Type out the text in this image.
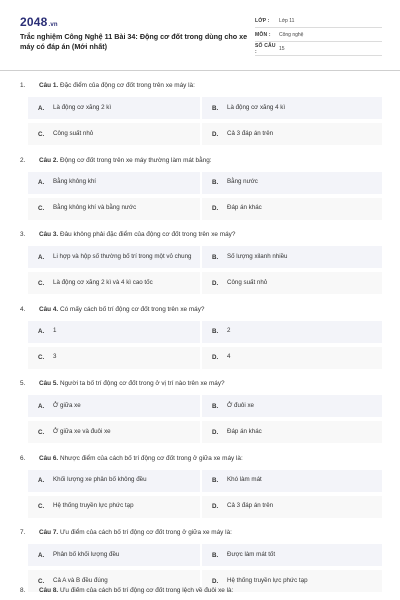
2048.vn
Trắc nghiệm Công Nghệ 11 Bài 34: Động cơ đốt trong dùng cho xe máy có đáp án (Mới nhất)
LỚP :	Lớp 11
MÔN :	Công nghệ
SỐ CÂU :	15
1.	Câu 1. Đặc điểm của động cơ đốt trong trên xe máy là:
A.	Là động cơ xăng 2 kì	B.	Là động cơ xăng 4 kì
C.	Công suất nhỏ	D.	Cả 3 đáp án trên
2.	Câu 2. Động cơ đốt trong trên xe máy thường làm mát bằng:
A.	Bằng không khí	B.	Bằng nước
C.	Bằng không khí và bằng nước	D.	Đáp án khác
3.	Câu 3. Đâu không phải đặc điểm của động cơ đốt trong trên xe máy?
A.	Li hợp và hộp số thường bố trí trong một vỏ chung	B.	Số lượng xilanh nhiều
C.	Là động cơ xăng 2 kì và 4 kì cao tốc	D.	Công suất nhỏ
4.	Câu 4. Có mấy cách bố trí động cơ đốt trong trên xe máy?
A.	1	B.	2
C.	3	D.	4
5.	Câu 5. Người ta bố trí động cơ đốt trong ở vị trí nào trên xe máy?
A.	Ở giữa xe	B.	Ở đuôi xe
C.	Ở giữa xe và đuôi xe	D.	Đáp án khác
6.	Câu 6. Nhược điểm của cách bố trí động cơ đốt trong ở giữa xe máy là:
A.	Khối lượng xe phân bố không đều	B.	Khó làm mát
C.	Hệ thống truyền lực phức tạp	D.	Cả 3 đáp án trên
7.	Câu 7. Ưu điểm của cách bố trí động cơ đốt trong ở giữa xe máy là:
A.	Phân bố khối lượng đều	B.	Được làm mát tốt
C.	Cả A và B đều đúng	D.	Hệ thống truyền lực phức tạp
8.	Câu 8. Ưu điểm của cách bố trí động cơ đốt trong lệch về đuôi xe là:
